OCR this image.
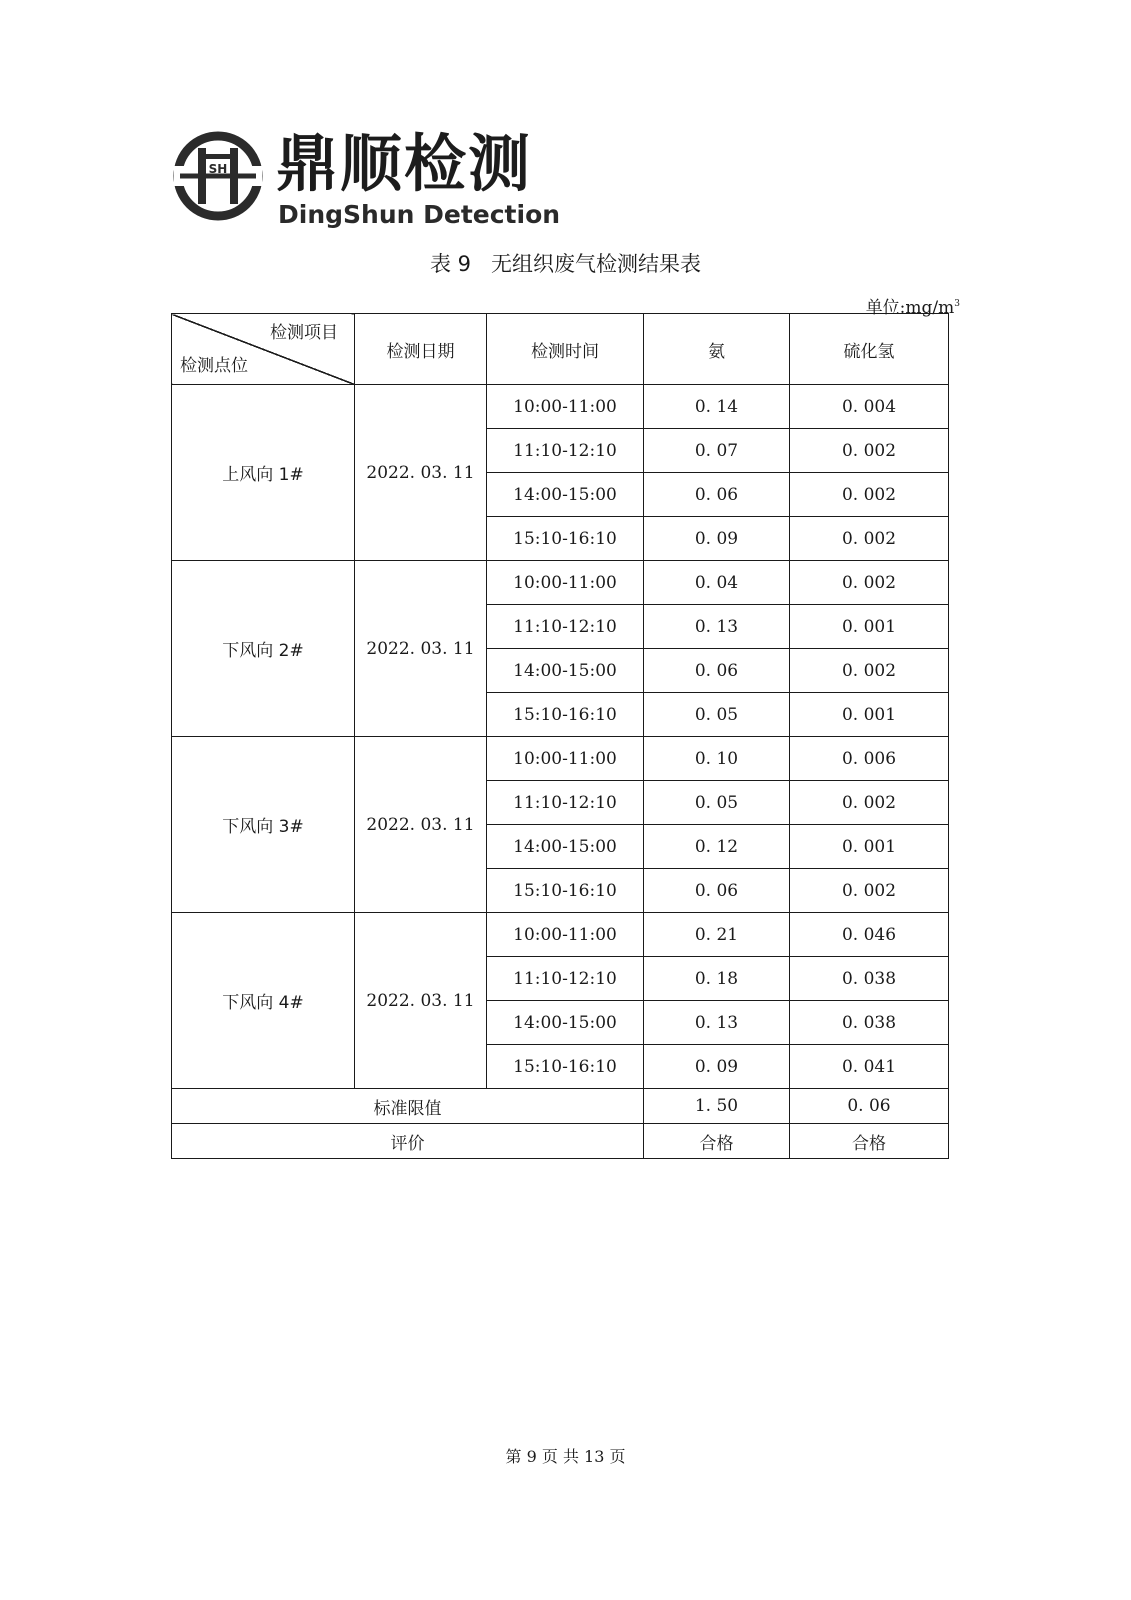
SH 鼎顺检测
DingShun Detection
表 9   无组织废气检测结果表
单位$:mg/m^3$
检测项目
检测点位	检测日期	检测时间	氨	硫化氢
上风向 1#	2022. 03. 11	10:00-11:00	0. 14	0. 004
		11:10-12:10	0. 07	0. 002
		14:00-15:00	0. 06	0. 002
		15:10-16:10	0. 09	0. 002
下风向 2#	2022. 03. 11	10:00-11:00	0. 04	0. 002
		11:10-12:10	0. 13	0. 001
		14:00-15:00	0. 06	0. 002
		15:10-16:10	0. 05	0. 001
下风向 3#	2022. 03. 11	10:00-11:00	0. 10	0. 006
		11:10-12:10	0. 05	0. 002
		14:00-15:00	0. 12	0. 001
		15:10-16:10	0. 06	0. 002
下风向 4#	2022. 03. 11	10:00-11:00	0. 21	0. 046
		11:10-12:10	0. 18	0. 038
		14:00-15:00	0. 13	0. 038
		15:10-16:10	0. 09	0. 041
标准限值			1. 50	0. 06
评价			合格	合格
第 9 页 共 13 页
